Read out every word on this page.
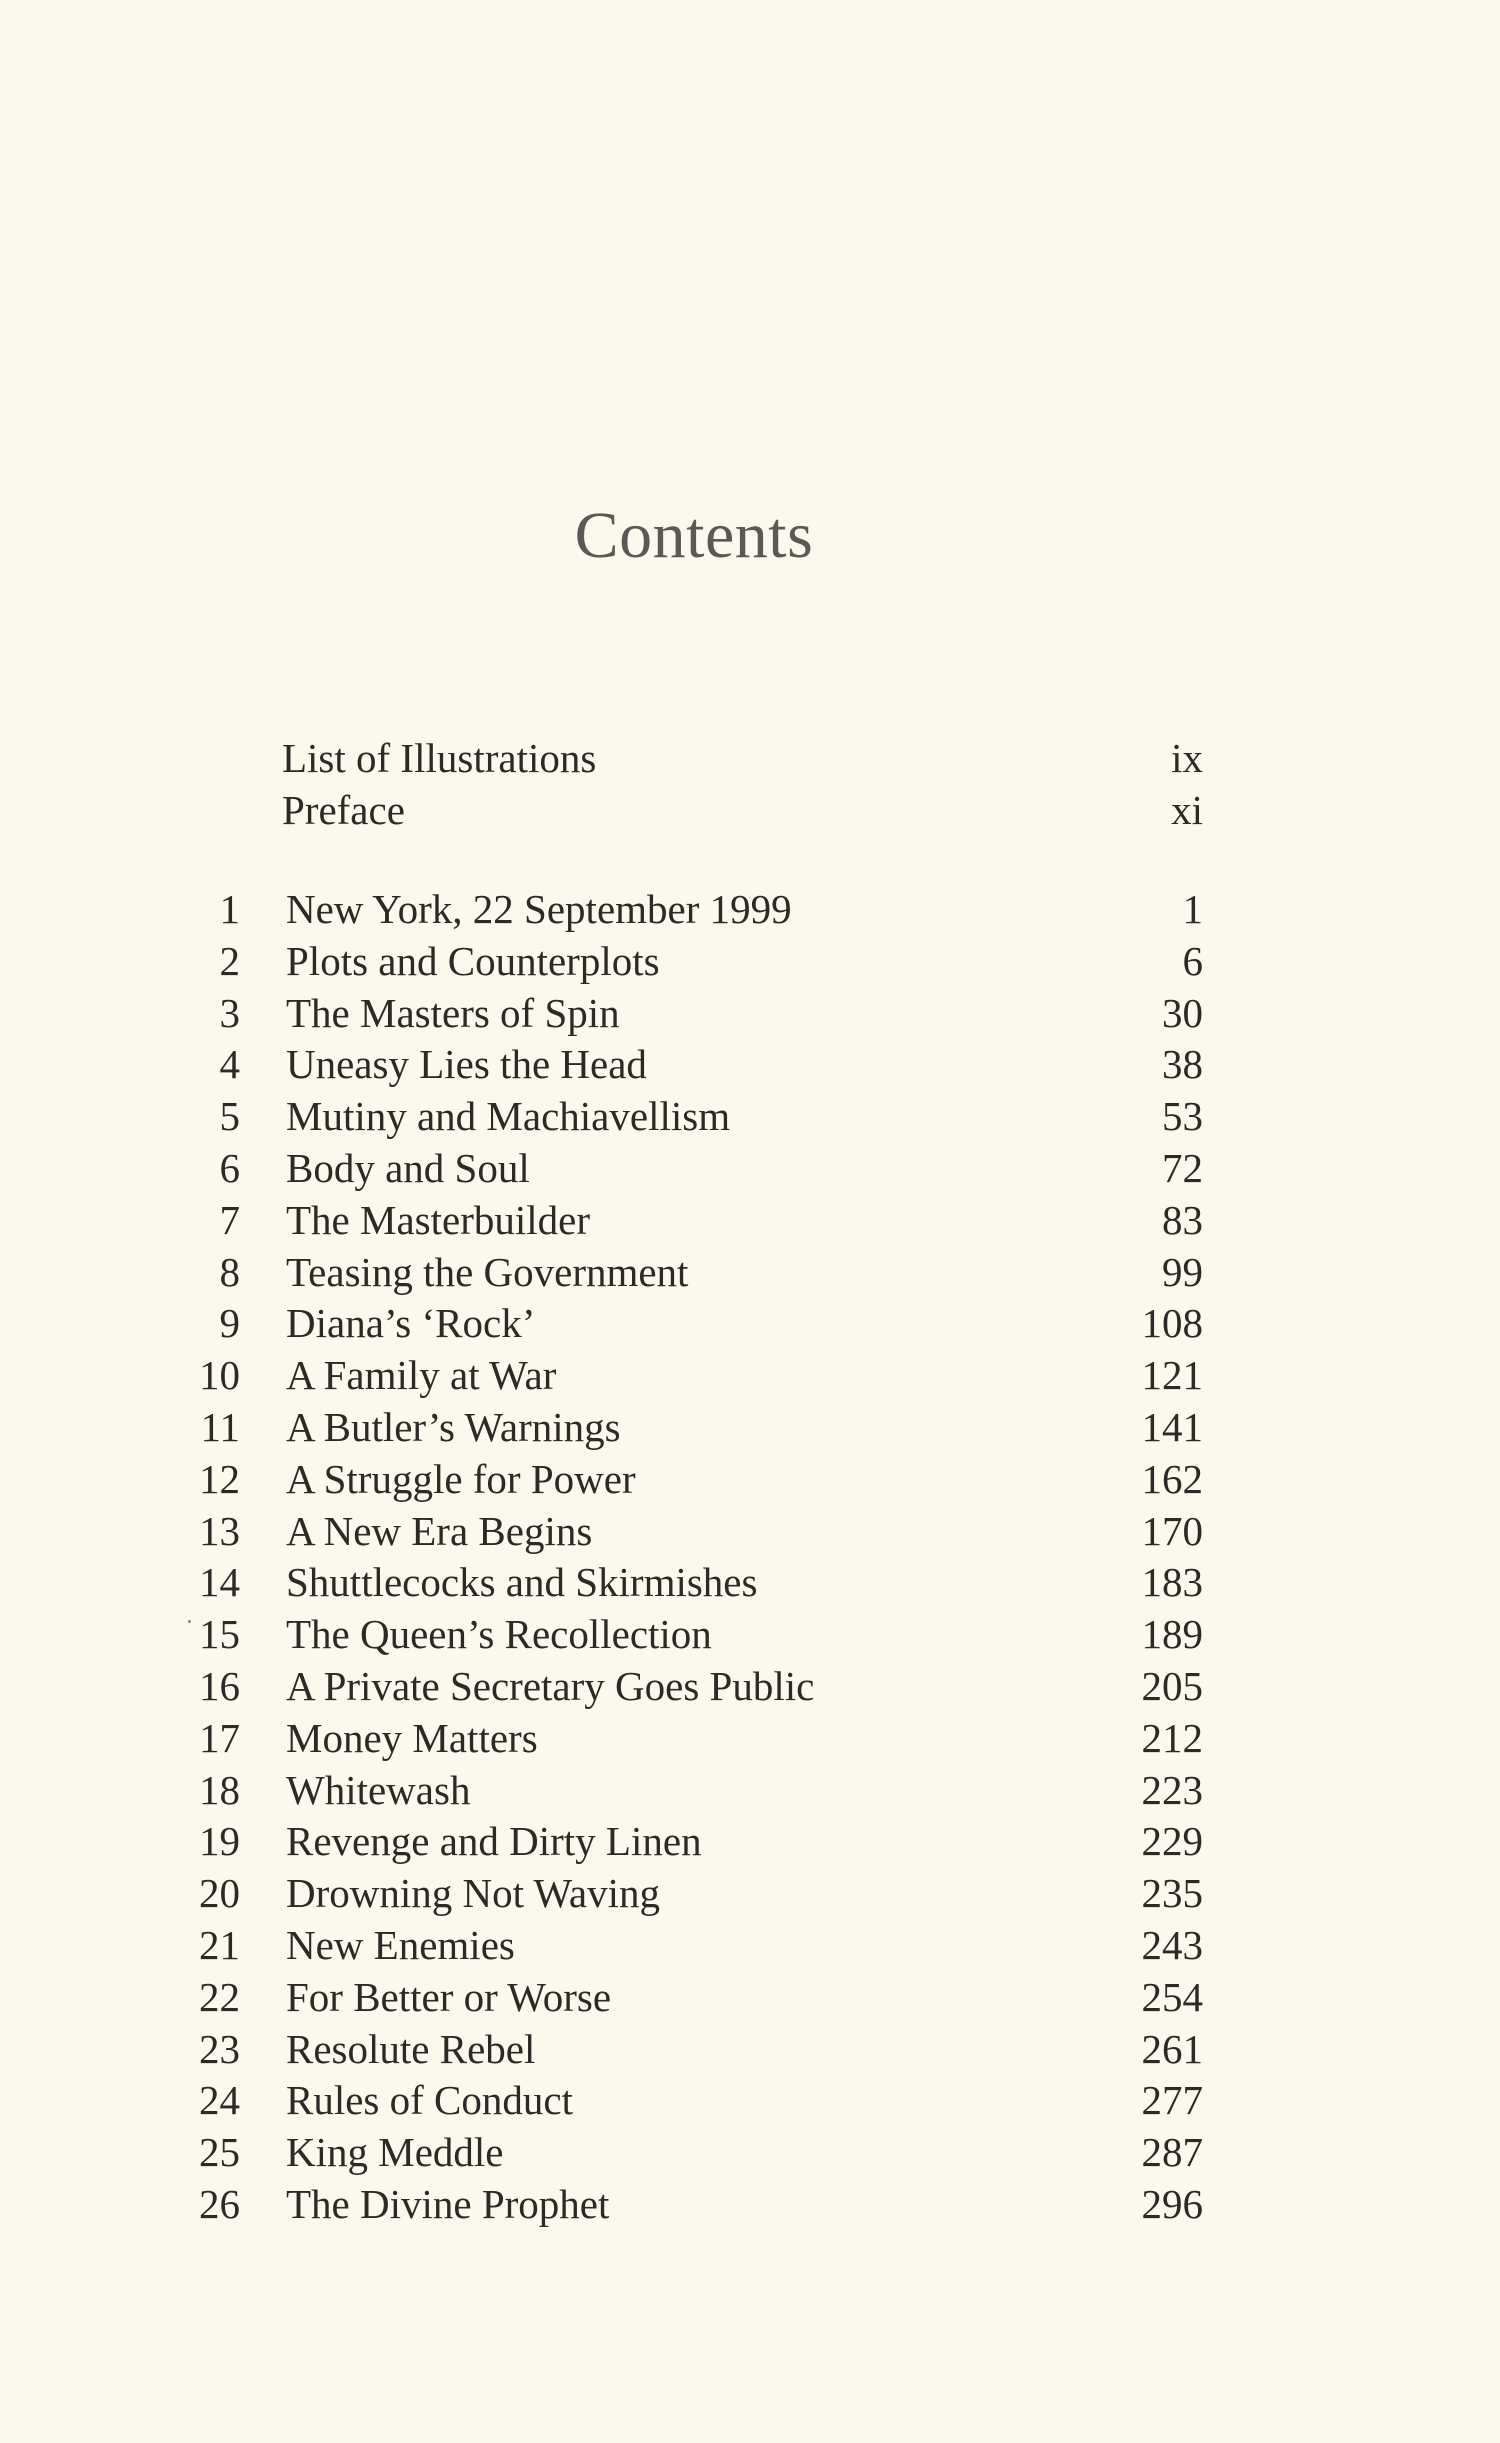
Contents
List of Illustrations	ix
Preface	xi
1 New York, 22 September 1999	1
2 Plots and Counterplots	6
3 The Masters of Spin	30
4 Uneasy Lies the Head	38
5 Mutiny and Machiavellism	53
6 Body and Soul	72
7 The Masterbuilder	83
8 Teasing the Government	99
9 Diana’s ‘Rock’	108
10 A Family at War	121
11 A Butler’s Warnings	141
12 A Struggle for Power	162
13 A New Era Begins	170
14 Shuttlecocks and Skirmishes	183
15 The Queen’s Recollection	189
16 A Private Secretary Goes Public	205
17 Money Matters	212
18 Whitewash	223
19 Revenge and Dirty Linen	229
20 Drowning Not Waving	235
21 New Enemies	243
22 For Better or Worse	254
23 Resolute Rebel	261
24 Rules of Conduct	277
25 King Meddle	287
26 The Divine Prophet	296
